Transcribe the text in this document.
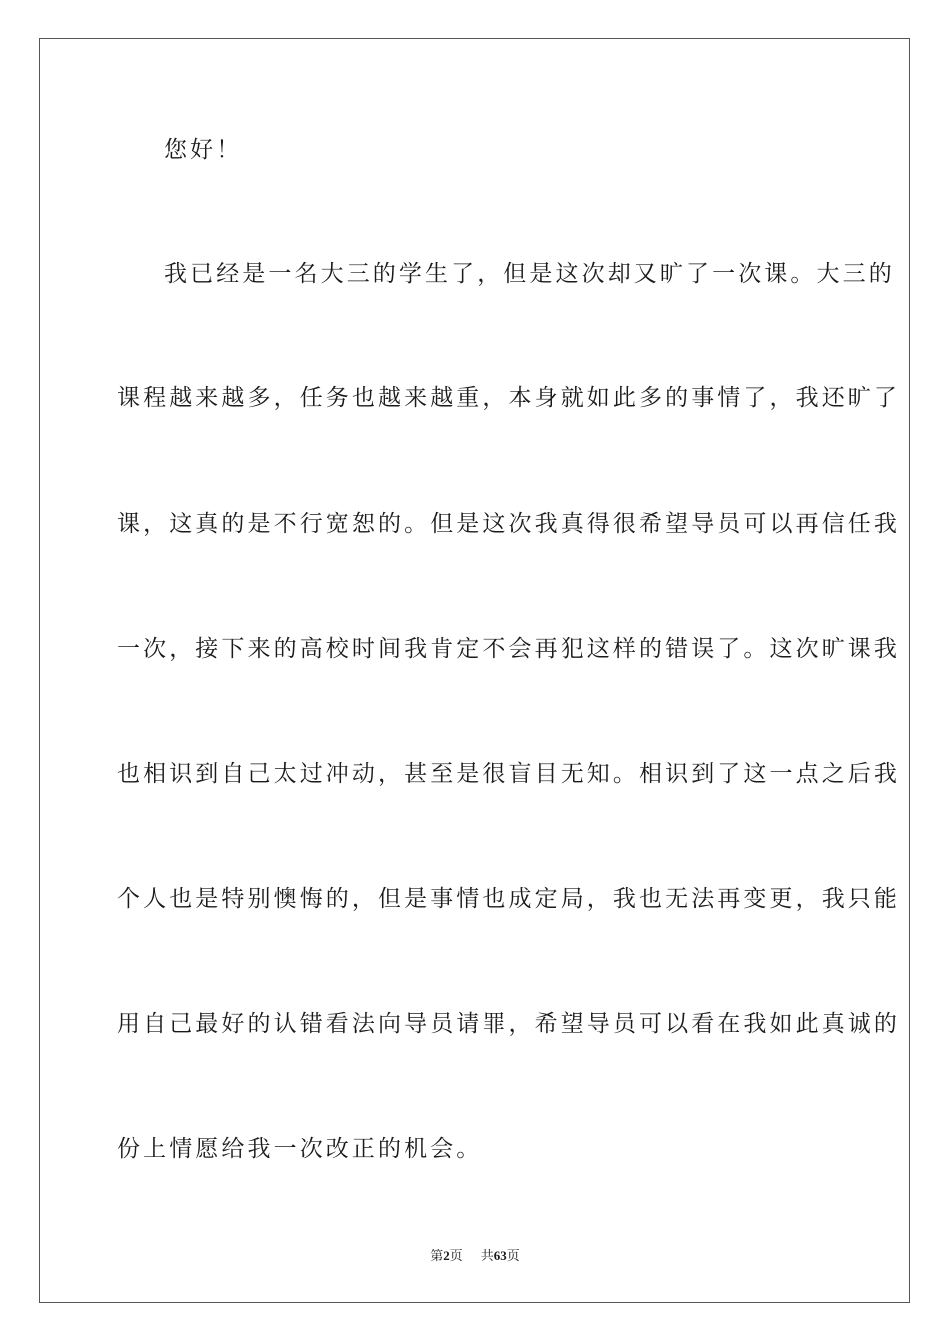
您好！
我已经是一名大三的学生了，但是这次却又旷了一次课。大三的
课程越来越多，任务也越来越重，本身就如此多的事情了，我还旷了
课，这真的是不行宽恕的。但是这次我真得很希望导员可以再信任我
一次，接下来的高校时间我肯定不会再犯这样的错误了。这次旷课我
也相识到自己太过冲动，甚至是很盲目无知。相识到了这一点之后我
个人也是特别懊悔的，但是事情也成定局，我也无法再变更，我只能
用自己最好的认错看法向导员请罪，希望导员可以看在我如此真诚的
份上情愿给我一次改正的机会。
第2页 共63页
